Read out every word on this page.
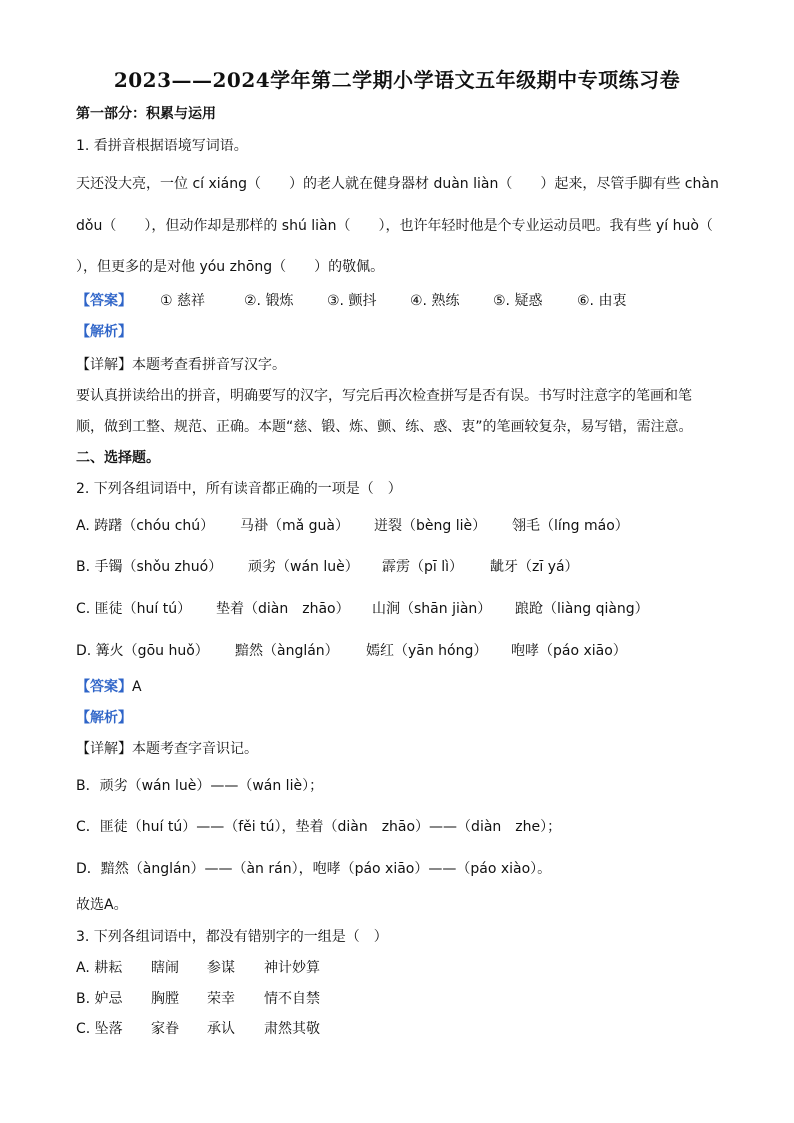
2023——2024学年第二学期小学语文五年级期中专项练习卷
第一部分：积累与运用
1. 看拼音根据语境写词语。
天还没大亮，一位 cí xiáng（　　）的老人就在健身器材 duàn liàn（　　）起来，尽管手脚有些 chàn
dǒu（　　），但动作却是那样的 shú liàn（　　），也许年轻时他是个专业运动员吧。我有些 yí huò（
），但更多的是对他 yóu zhōng（　　）的敬佩。
【答案】	① 慈祥	②. 锻炼	③. 颤抖	④. 熟练	⑤. 疑惑	⑥. 由衷
【解析】
【详解】本题考查看拼音写汉字。
要认真拼读给出的拼音，明确要写的汉字，写完后再次检查拼写是否有误。书写时注意字的笔画和笔
顺，做到工整、规范、正确。本题“慈、锻、炼、颤、练、惑、衷”的笔画较复杂，易写错，需注意。
二、选择题。
2. 下列各组词语中，所有读音都正确的一项是（　）
A. 踌躇（chóu chú）	马褂（mǎ guà）	迸裂（bèng liè）	翎毛（líng máo）
B. 手镯（shǒu zhuó）	顽劣（wán luè）	霹雳（pī lì）	龇牙（zī yá）
C. 匪徒（huí tú）	垫着（diàn　zhāo）	山涧（shān jiàn）	踉跄（liàng qiàng）
D. 篝火（gōu huǒ）	黯然（ànglán）	嫣红（yān hóng）	咆哮（páo xiāo）
【答案】A
【解析】
【详解】本题考查字音识记。
B．顽劣（wán luè）——（wán liè）；
C．匪徒（huí tú）——（fěi tú），垫着（diàn　zhāo）——（diàn　zhe）；
D．黯然（ànglán）——（àn rán），咆哮（páo xiāo）——（páo xiào）。
故选A。
3. 下列各组词语中，都没有错别字的一组是（　）
A. 耕耘	瞎闹	参谋	神计妙算
B. 妒忌	胸膛	荣幸	情不自禁
C. 坠落	家眷	承认	肃然其敬
